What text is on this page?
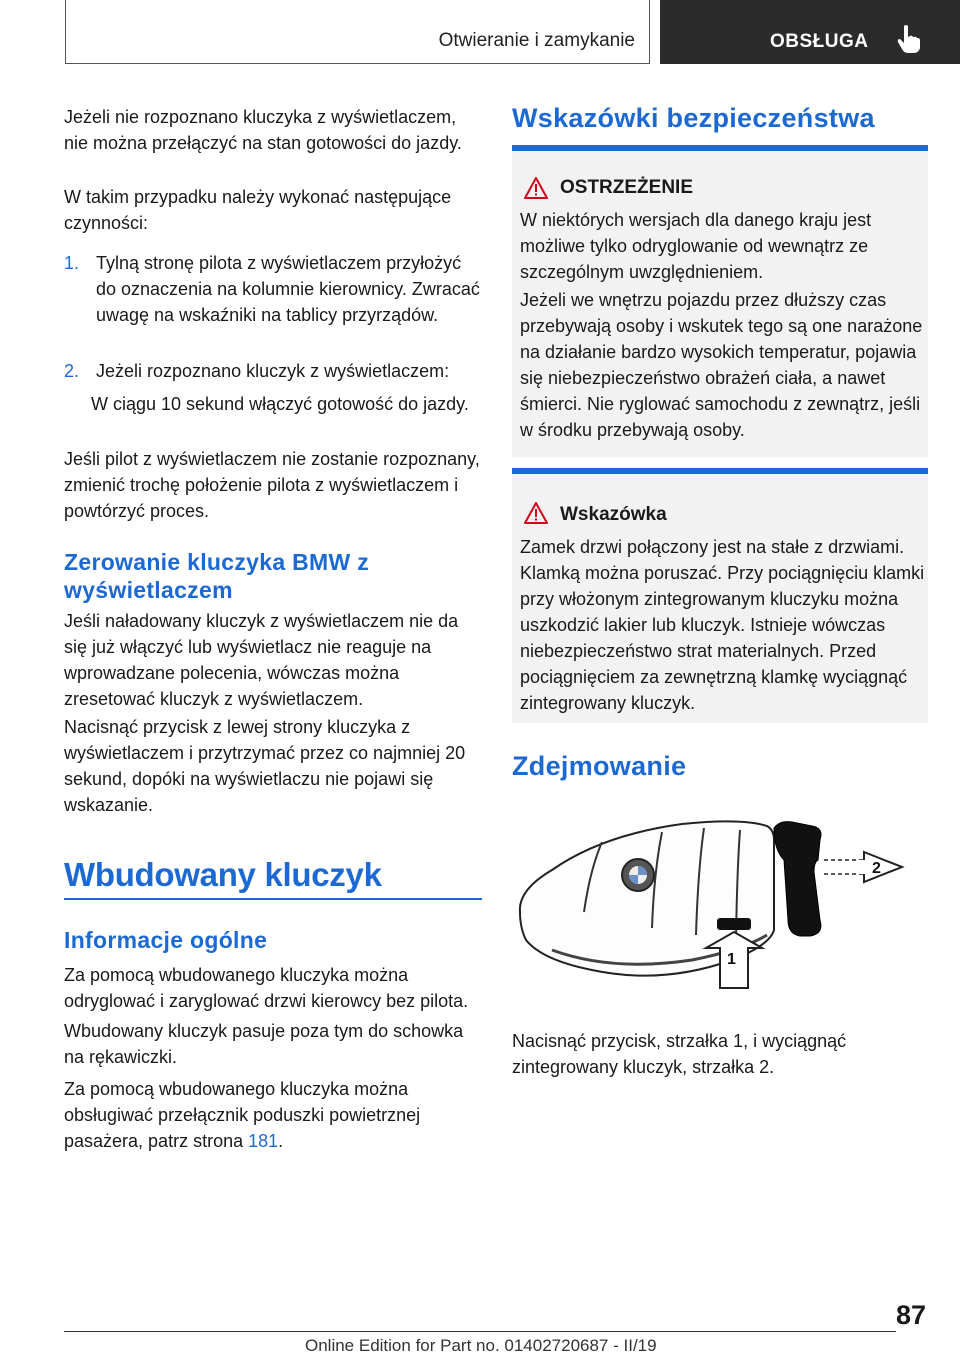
Otwieranie i zamykanie	OBSŁUGA

Jeżeli nie rozpoznano kluczyka z wyświetlaczem, nie można przełączyć na stan gotowości do jazdy.

W takim przypadku należy wykonać następujące czynności:

1. Tylną stronę pilota z wyświetlaczem przyłożyć do oznaczenia na kolumnie kierownicy. Zwracać uwagę na wskaźniki na tablicy przyrządów.

2. Jeżeli rozpoznano kluczyk z wyświetlaczem:

W ciągu 10 sekund włączyć gotowość do jazdy.

Jeśli pilot z wyświetlaczem nie zostanie rozpoznany, zmienić trochę położenie pilota z wyświetlaczem i powtórzyć proces.

Zerowanie kluczyka BMW z wyświetlaczem

Jeśli naładowany kluczyk z wyświetlaczem nie da się już włączyć lub wyświetlacz nie reaguje na wprowadzane polecenia, wówczas można zresetować kluczyk z wyświetlaczem.

Nacisnąć przycisk z lewej strony kluczyka z wyświetlaczem i przytrzymać przez co najmniej 20 sekund, dopóki na wyświetlaczu nie pojawi się wskazanie.

Wbudowany kluczyk
Informacje ogólne

Za pomocą wbudowanego kluczyka można odryglować i zaryglować drzwi kierowcy bez pilota.

Wbudowany kluczyk pasuje poza tym do schowka na rękawiczki.

Za pomocą wbudowanego kluczyka można obsługiwać przełącznik poduszki powietrznej pasażera, patrz strona 181.

Wskazówki bezpieczeństwa
OSTRZEŻENIE

W niektórych wersjach dla danego kraju jest możliwe tylko odryglowanie od wewnątrz ze szczególnym uwzględnieniem.

Jeżeli we wnętrzu pojazdu przez dłuższy czas przebywają osoby i wskutek tego są one narażone na działanie bardzo wysokich temperatur, pojawia się niebezpieczeństwo obrażeń ciała, a nawet śmierci. Nie ryglować samochodu z zewnątrz, jeśli w środku przebywają osoby.

Wskazówka

Zamek drzwi połączony jest na stałe z drzwiami. Klamką można poruszać. Przy pociągnięciu klamki przy włożonym zintegrowanym kluczyku można uszkodzić lakier lub kluczyk. Istnieje wówczas niebezpieczeństwo strat materialnych. Przed pociągnięciem za zewnętrzną klamkę wyciągnąć zintegrowany kluczyk.

Zdejmowanie
2
1

Nacisnąć przycisk, strzałka 1, i wyciągnąć zintegrowany kluczyk, strzałka 2.

87
Online Edition for Part no. 01402720687 - II/19
